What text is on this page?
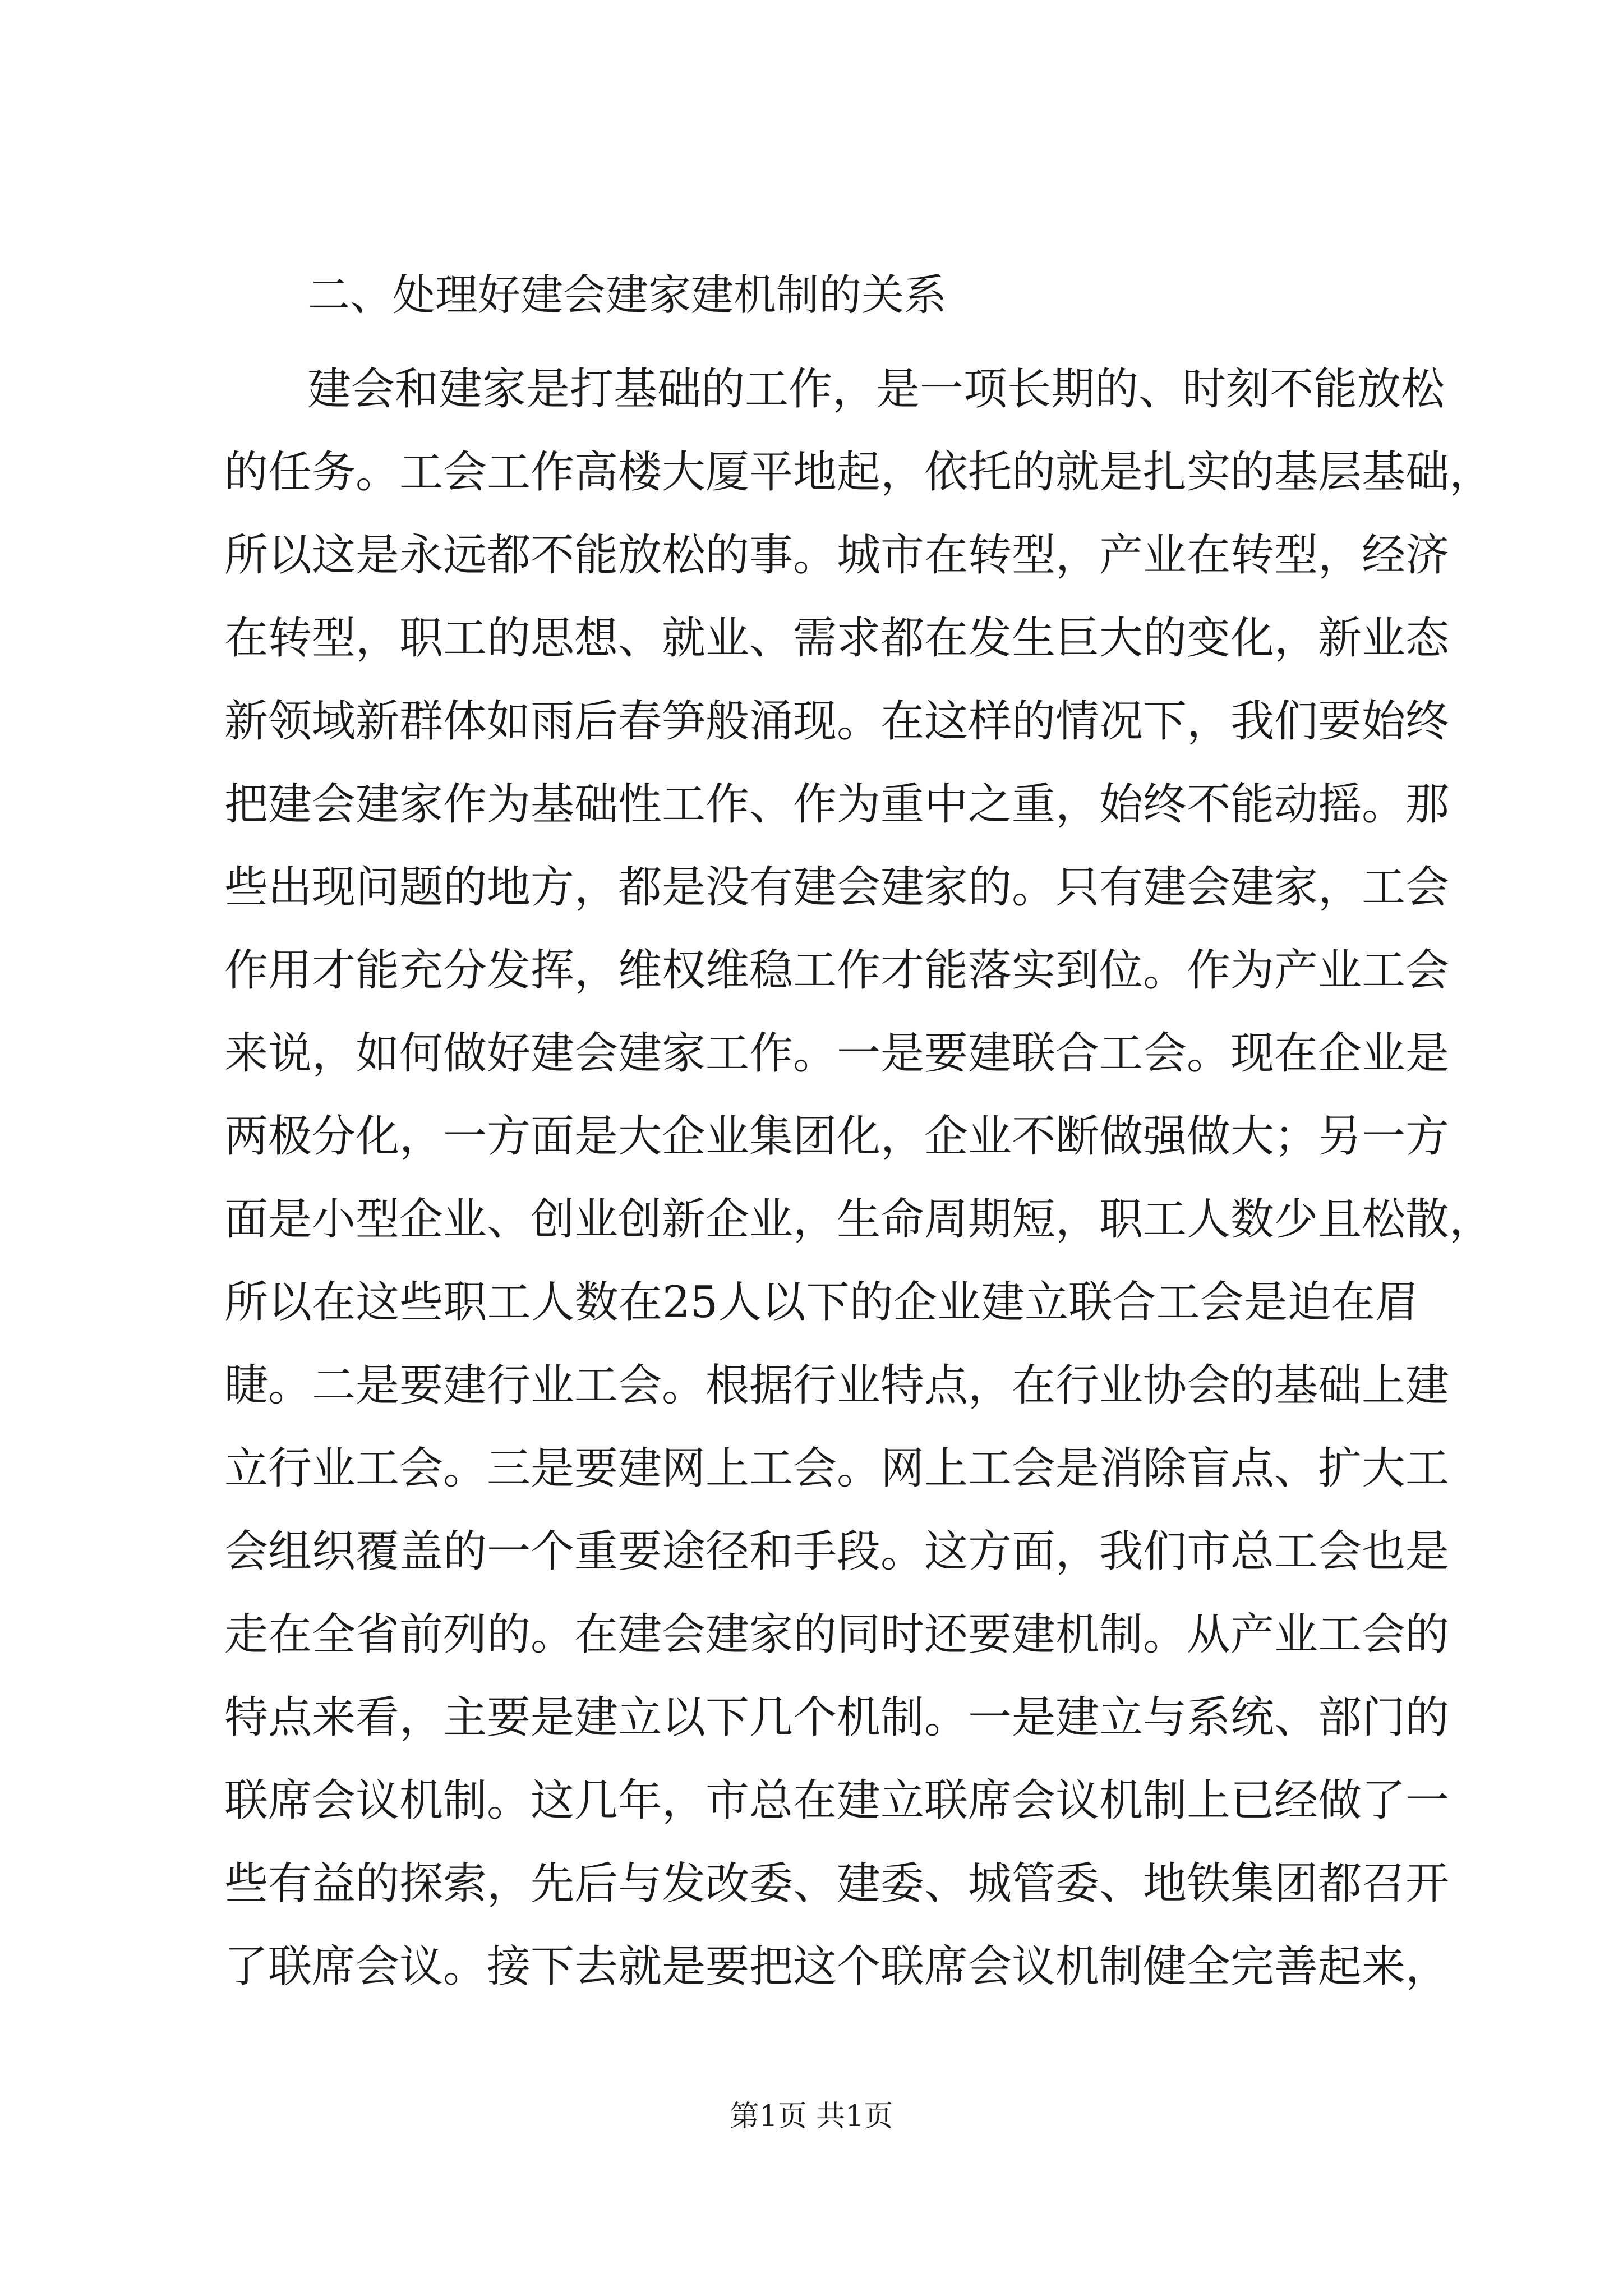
二、处理好建会建家建机制的关系
建会和建家是打基础的工作，是一项长期的、时刻不能放松
的任务。工会工作高楼大厦平地起，依托的就是扎实的基层基础，
所以这是永远都不能放松的事。城市在转型，产业在转型，经济
在转型，职工的思想、就业、需求都在发生巨大的变化，新业态
新领域新群体如雨后春笋般涌现。在这样的情况下，我们要始终
把建会建家作为基础性工作、作为重中之重，始终不能动摇。那
些出现问题的地方，都是没有建会建家的。只有建会建家，工会
作用才能充分发挥，维权维稳工作才能落实到位。作为产业工会
来说，如何做好建会建家工作。一是要建联合工会。现在企业是
两极分化，一方面是大企业集团化，企业不断做强做大；另一方
面是小型企业、创业创新企业，生命周期短，职工人数少且松散，
所以在这些职工人数在25人以下的企业建立联合工会是迫在眉
睫。二是要建行业工会。根据行业特点，在行业协会的基础上建
立行业工会。三是要建网上工会。网上工会是消除盲点、扩大工
会组织覆盖的一个重要途径和手段。这方面，我们市总工会也是
走在全省前列的。在建会建家的同时还要建机制。从产业工会的
特点来看，主要是建立以下几个机制。一是建立与系统、部门的
联席会议机制。这几年，市总在建立联席会议机制上已经做了一
些有益的探索，先后与发改委、建委、城管委、地铁集团都召开
了联席会议。接下去就是要把这个联席会议机制健全完善起来，
第1页 共1页
